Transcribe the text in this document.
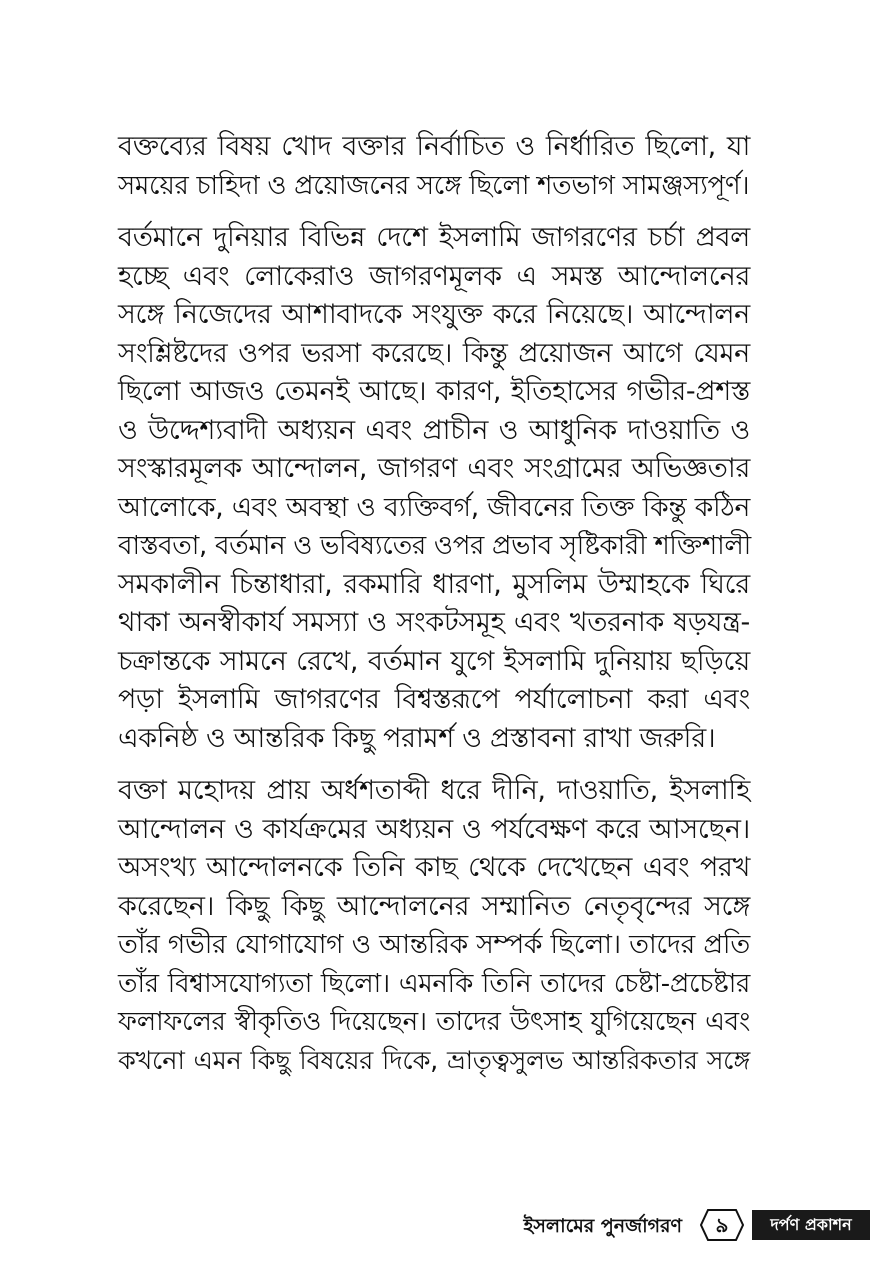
বক্তব্যের বিষয় খোদ বক্তার নির্বাচিত ও নির্ধারিত ছিলো, যা
সময়ের চাহিদা ও প্রয়োজনের সঙ্গে ছিলো শতভাগ সামঞ্জস্যপূর্ণ।
বর্তমানে দুনিয়ার বিভিন্ন দেশে ইসলামি জাগরণের চর্চা প্রবল
হচ্ছে এবং লোকেরাও জাগরণমূলক এ সমস্ত আন্দোলনের
সঙ্গে নিজেদের আশাবাদকে সংযুক্ত করে নিয়েছে। আন্দোলন
সংশ্লিষ্টদের ওপর ভরসা করেছে। কিন্তু প্রয়োজন আগে যেমন
ছিলো আজও তেমনই আছে। কারণ, ইতিহাসের গভীর-প্রশস্ত
ও উদ্দেশ্যবাদী অধ্যয়ন এবং প্রাচীন ও আধুনিক দাওয়াতি ও
সংস্কারমূলক আন্দোলন, জাগরণ এবং সংগ্রামের অভিজ্ঞতার
আলোকে, এবং অবস্থা ও ব্যক্তিবর্গ, জীবনের তিক্ত কিন্তু কঠিন
বাস্তবতা, বর্তমান ও ভবিষ্যতের ওপর প্রভাব সৃষ্টিকারী শক্তিশালী
সমকালীন চিন্তাধারা, রকমারি ধারণা, মুসলিম উম্মাহকে ঘিরে
থাকা অনস্বীকার্য সমস্যা ও সংকটসমূহ এবং খতরনাক ষড়যন্ত্র-
চক্রান্তকে সামনে রেখে, বর্তমান যুগে ইসলামি দুনিয়ায় ছড়িয়ে
পড়া ইসলামি জাগরণের বিশ্বস্তরূপে পর্যালোচনা করা এবং
একনিষ্ঠ ও আন্তরিক কিছু পরামর্শ ও প্রস্তাবনা রাখা জরুরি।
বক্তা মহোদয় প্রায় অর্ধশতাব্দী ধরে দীনি, দাওয়াতি, ইসলাহি
আন্দোলন ও কার্যক্রমের অধ্যয়ন ও পর্যবেক্ষণ করে আসছেন।
অসংখ্য আন্দোলনকে তিনি কাছ থেকে দেখেছেন এবং পরখ
করেছেন। কিছু কিছু আন্দোলনের সম্মানিত নেতৃবৃন্দের সঙ্গে
তাঁর গভীর যোগাযোগ ও আন্তরিক সম্পর্ক ছিলো। তাদের প্রতি
তাঁর বিশ্বাসযোগ্যতা ছিলো। এমনকি তিনি তাদের চেষ্টা-প্রচেষ্টার
ফলাফলের স্বীকৃতিও দিয়েছেন। তাদের উৎসাহ যুগিয়েছেন এবং
কখনো এমন কিছু বিষয়ের দিকে, ভ্রাতৃত্বসুলভ আন্তরিকতার সঙ্গে
ইসলামের পুনর্জাগরণ	৯	দর্পণ প্রকাশন
